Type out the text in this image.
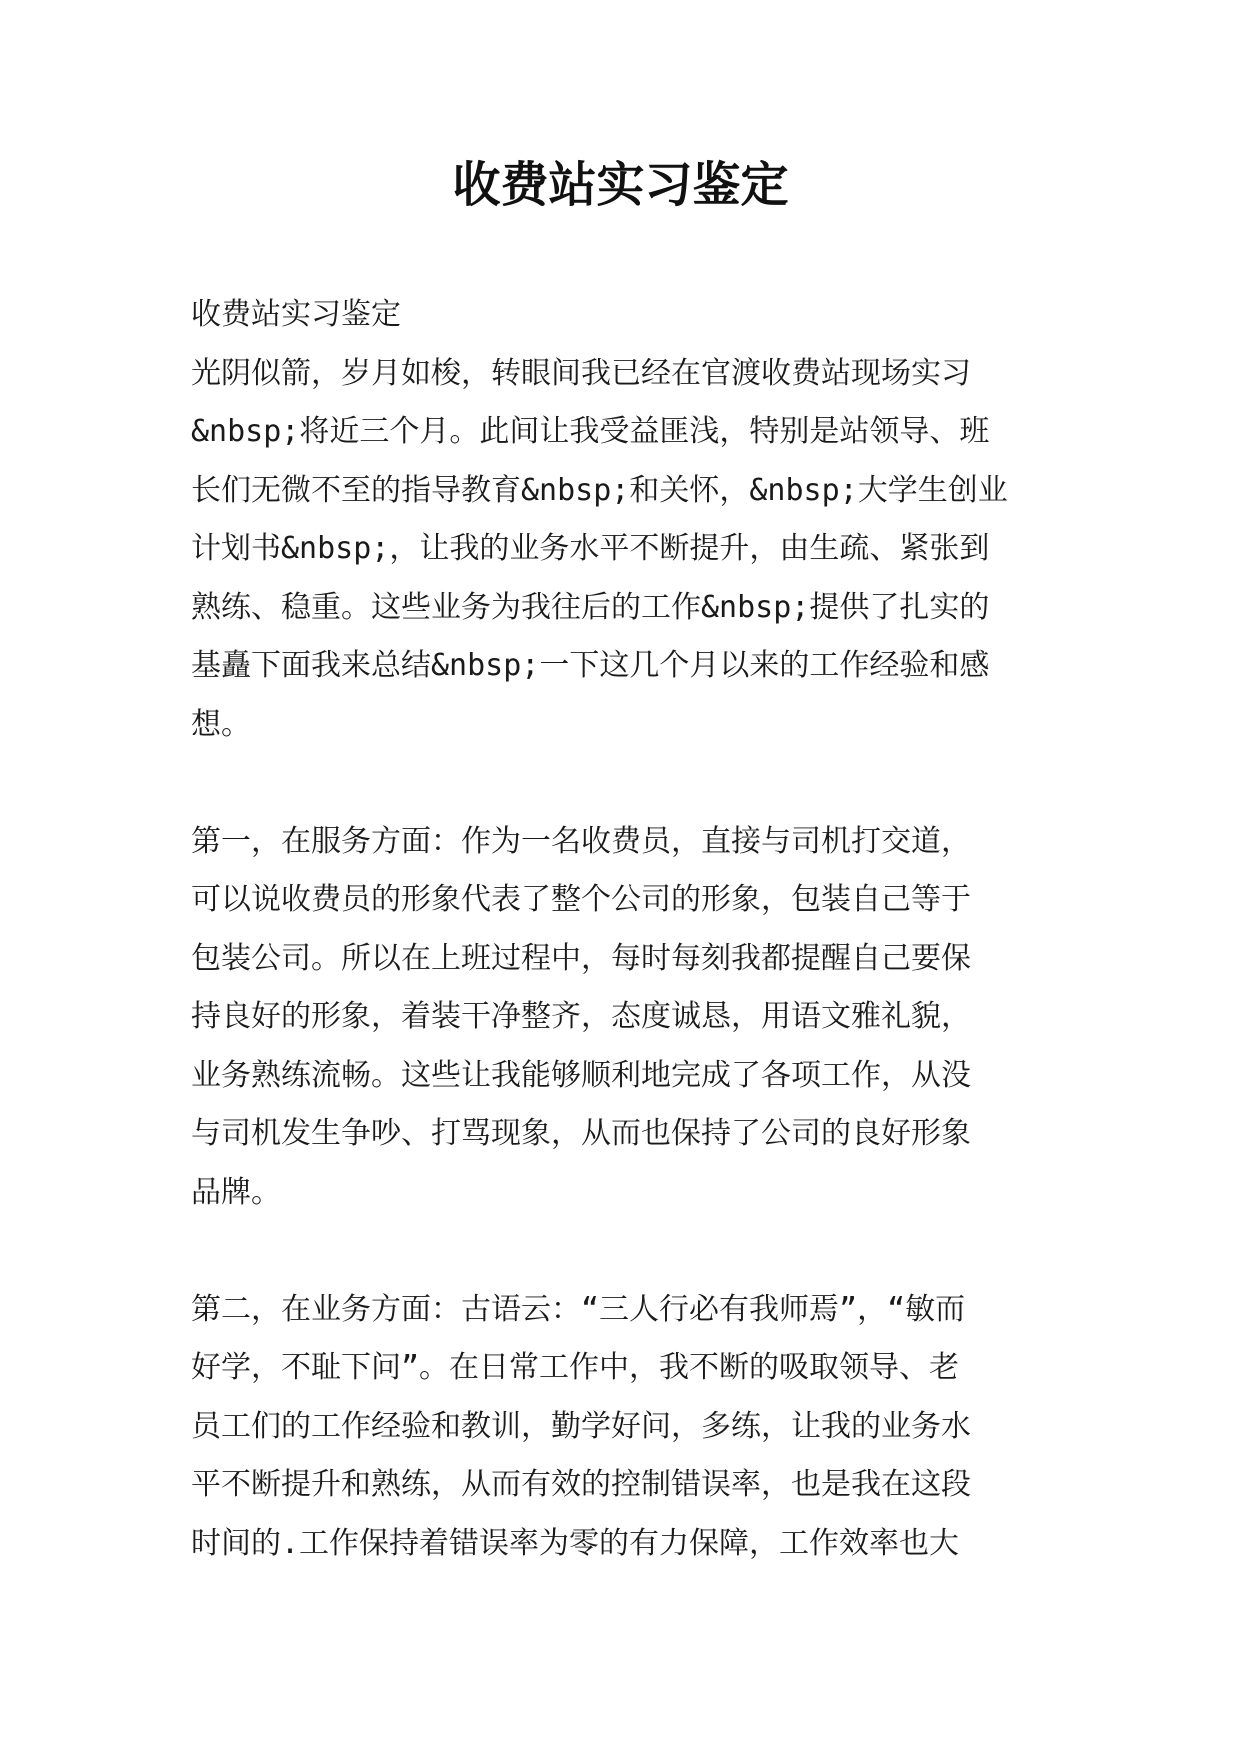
收费站实习鉴定
收费站实习鉴定
光阴似箭，岁月如梭，转眼间我已经在官渡收费站现场实习
&nbsp;将近三个月。此间让我受益匪浅，特别是站领导、班
长们无微不至的指导教育&nbsp;和关怀，&nbsp;大学生创业
计划书&nbsp;，让我的业务水平不断提升，由生疏、紧张到
熟练、稳重。这些业务为我往后的工作&nbsp;提供了扎实的
基矗下面我来总结&nbsp;一下这几个月以来的工作经验和感
想。
第一，在服务方面：作为一名收费员，直接与司机打交道，
可以说收费员的形象代表了整个公司的形象，包装自己等于
包装公司。所以在上班过程中，每时每刻我都提醒自己要保
持良好的形象，着装干净整齐，态度诚恳，用语文雅礼貌，
业务熟练流畅。这些让我能够顺利地完成了各项工作，从没
与司机发生争吵、打骂现象，从而也保持了公司的良好形象
品牌。
第二，在业务方面：古语云：“三人行必有我师焉”，“敏而
好学，不耻下问”。在日常工作中，我不断的吸取领导、老
员工们的工作经验和教训，勤学好问，多练，让我的业务水
平不断提升和熟练，从而有效的控制错误率，也是我在这段
时间的.工作保持着错误率为零的有力保障，工作效率也大
